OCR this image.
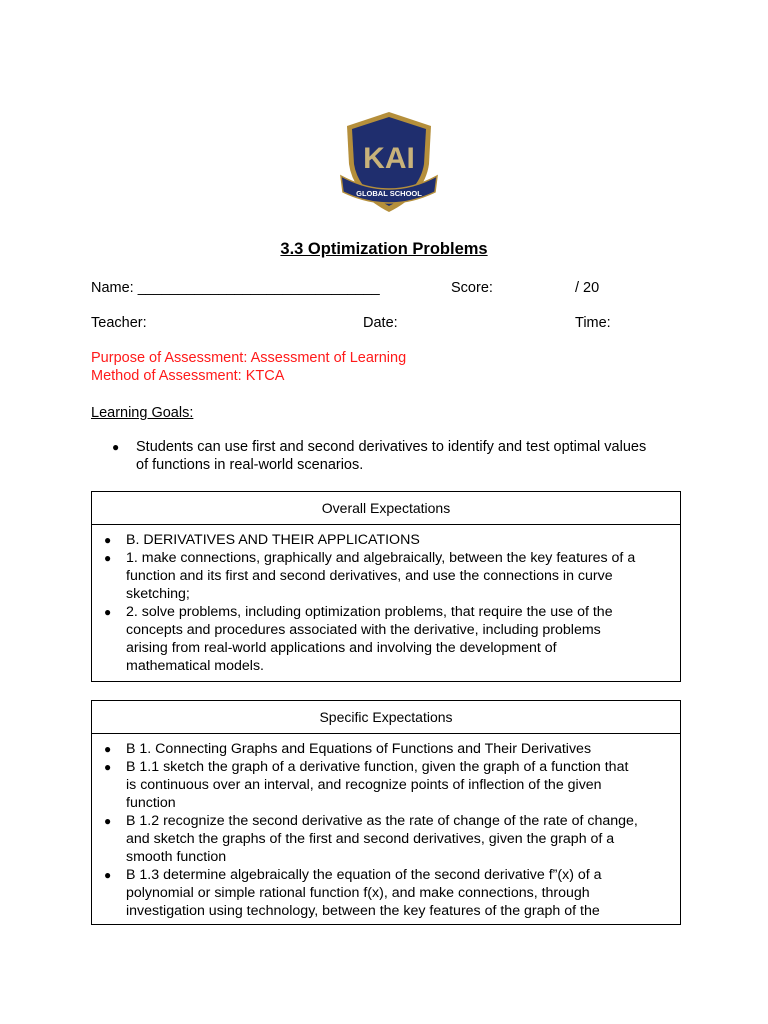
KAI
GLOBAL SCHOOL
3.3 Optimization Problems
Name: ______________________________	Score:	/ 20
Teacher:	Date:	Time:
Purpose of Assessment: Assessment of Learning
Method of Assessment: KTCA
Learning Goals:
●	Students can use first and second derivatives to identify and test optimal values
of functions in real-world scenarios.
Overall Expectations
●	B. DERIVATIVES AND THEIR APPLICATIONS
●	1. make connections, graphically and algebraically, between the key features of a
function and its first and second derivatives, and use the connections in curve
sketching;
●	2. solve problems, including optimization problems, that require the use of the
concepts and procedures associated with the derivative, including problems
arising from real-world applications and involving the development of
mathematical models.
Specific Expectations
●	B 1. Connecting Graphs and Equations of Functions and Their Derivatives
●	B 1.1 sketch the graph of a derivative function, given the graph of a function that
is continuous over an interval, and recognize points of inflection of the given
function
●	B 1.2 recognize the second derivative as the rate of change of the rate of change,
and sketch the graphs of the first and second derivatives, given the graph of a
smooth function
●	B 1.3 determine algebraically the equation of the second derivative f”(x) of a
polynomial or simple rational function f(x), and make connections, through
investigation using technology, between the key features of the graph of the
